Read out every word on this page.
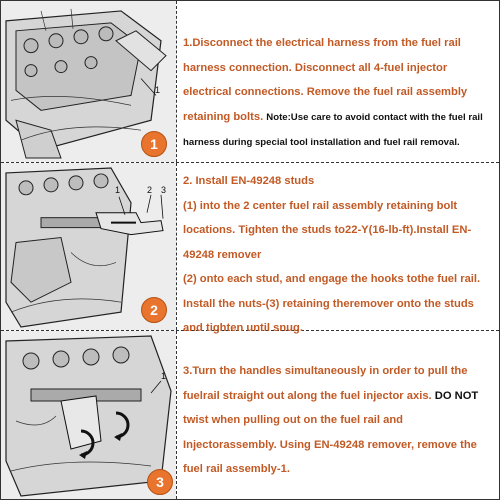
1
1
1.Disconnect the electrical harness from the fuel rail harness connection. Disconnect all 4-fuel injector electrical connections. Remove the fuel rail assembly retaining bolts. Note:Use care to avoid contact with the fuel rail harness during special tool installation and fuel rail removal.
1	2 3
2
2. Install EN-49248 studs
(1) into the 2 center fuel rail assembly retaining bolt locations. Tighten the studs to22-Y(16-lb-ft).Install EN-49248 remover
(2) onto each stud, and engage the hooks tothe fuel rail. Install the nuts-(3) retaining theremover onto the studs and tighten until snug.
1
3
3.Turn the handles simultaneously in order to pull the fuelrail straight out along the fuel injector axis. DO NOT twist when pulling out on the fuel rail and Injectorassembly. Using EN-49248 remover, remove the fuel rail assembly-1.
